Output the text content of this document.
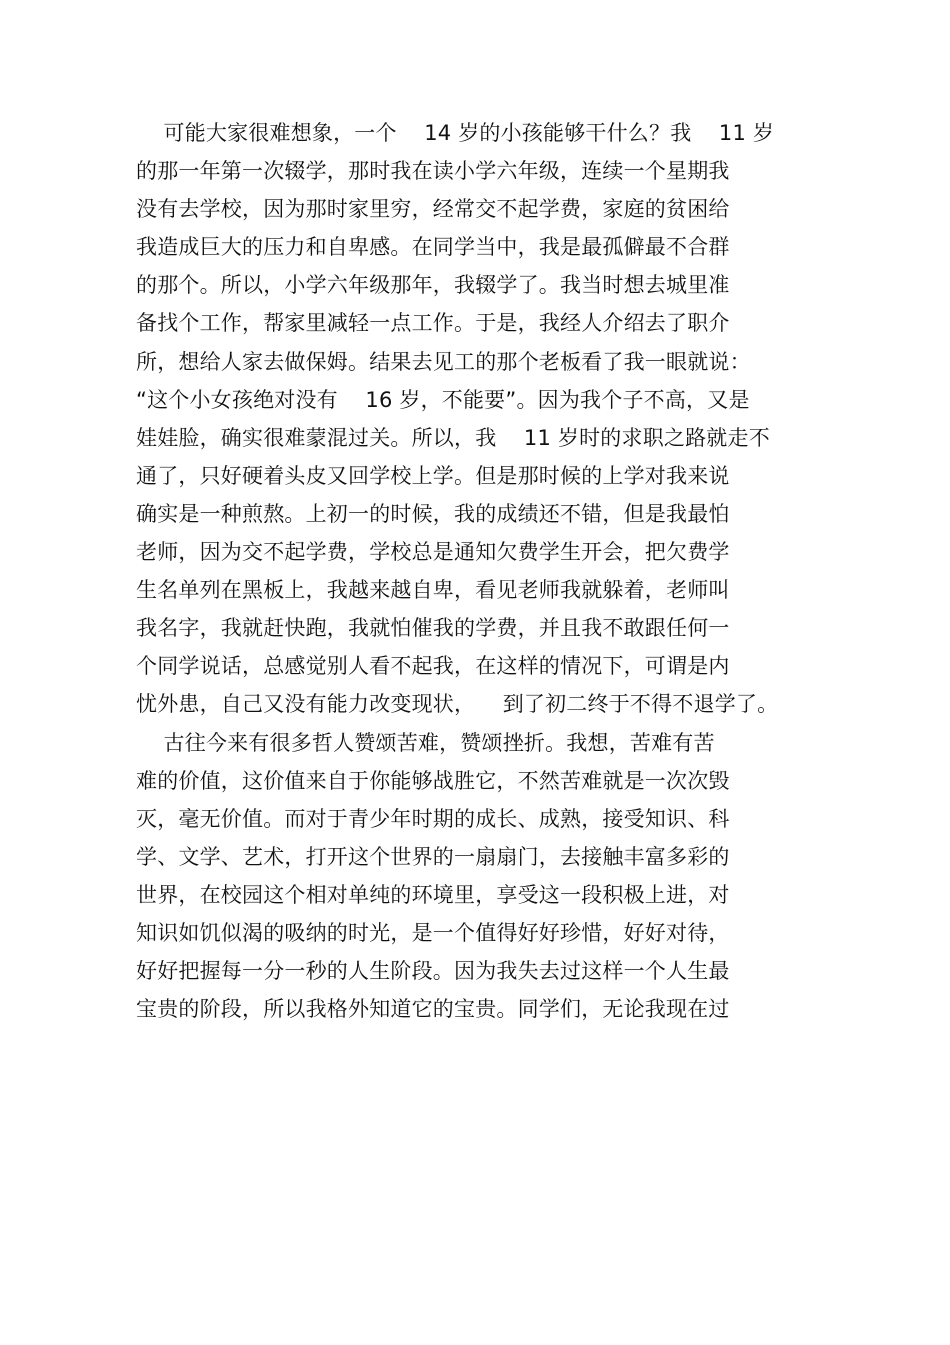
可能大家很难想象，一个    14 岁的小孩能够干什么？我    11 岁
的那一年第一次辍学，那时我在读小学六年级，连续一个星期我
没有去学校，因为那时家里穷，经常交不起学费，家庭的贫困给
我造成巨大的压力和自卑感。在同学当中，我是最孤僻最不合群
的那个。所以，小学六年级那年，我辍学了。我当时想去城里准
备找个工作，帮家里减轻一点工作。于是，我经人介绍去了职介
所，想给人家去做保姆。结果去见工的那个老板看了我一眼就说：
“这个小女孩绝对没有    16 岁，不能要”。因为我个子不高，又是
娃娃脸，确实很难蒙混过关。所以，我    11 岁时的求职之路就走不
通了，只好硬着头皮又回学校上学。但是那时候的上学对我来说
确实是一种煎熬。上初一的时候，我的成绩还不错，但是我最怕
老师，因为交不起学费，学校总是通知欠费学生开会，把欠费学
生名单列在黑板上，我越来越自卑，看见老师我就躲着，老师叫
我名字，我就赶快跑，我就怕催我的学费，并且我不敢跟任何一
个同学说话，总感觉别人看不起我，在这样的情况下，可谓是内
忧外患，自己又没有能力改变现状，    到了初二终于不得不退学了。
古往今来有很多哲人赞颂苦难，赞颂挫折。我想，苦难有苦
难的价值，这价值来自于你能够战胜它，不然苦难就是一次次毁
灭，毫无价值。而对于青少年时期的成长、成熟，接受知识、科
学、文学、艺术，打开这个世界的一扇扇门，去接触丰富多彩的
世界，在校园这个相对单纯的环境里，享受这一段积极上进，对
知识如饥似渴的吸纳的时光，是一个值得好好珍惜，好好对待，
好好把握每一分一秒的人生阶段。因为我失去过这样一个人生最
宝贵的阶段，所以我格外知道它的宝贵。同学们，无论我现在过
